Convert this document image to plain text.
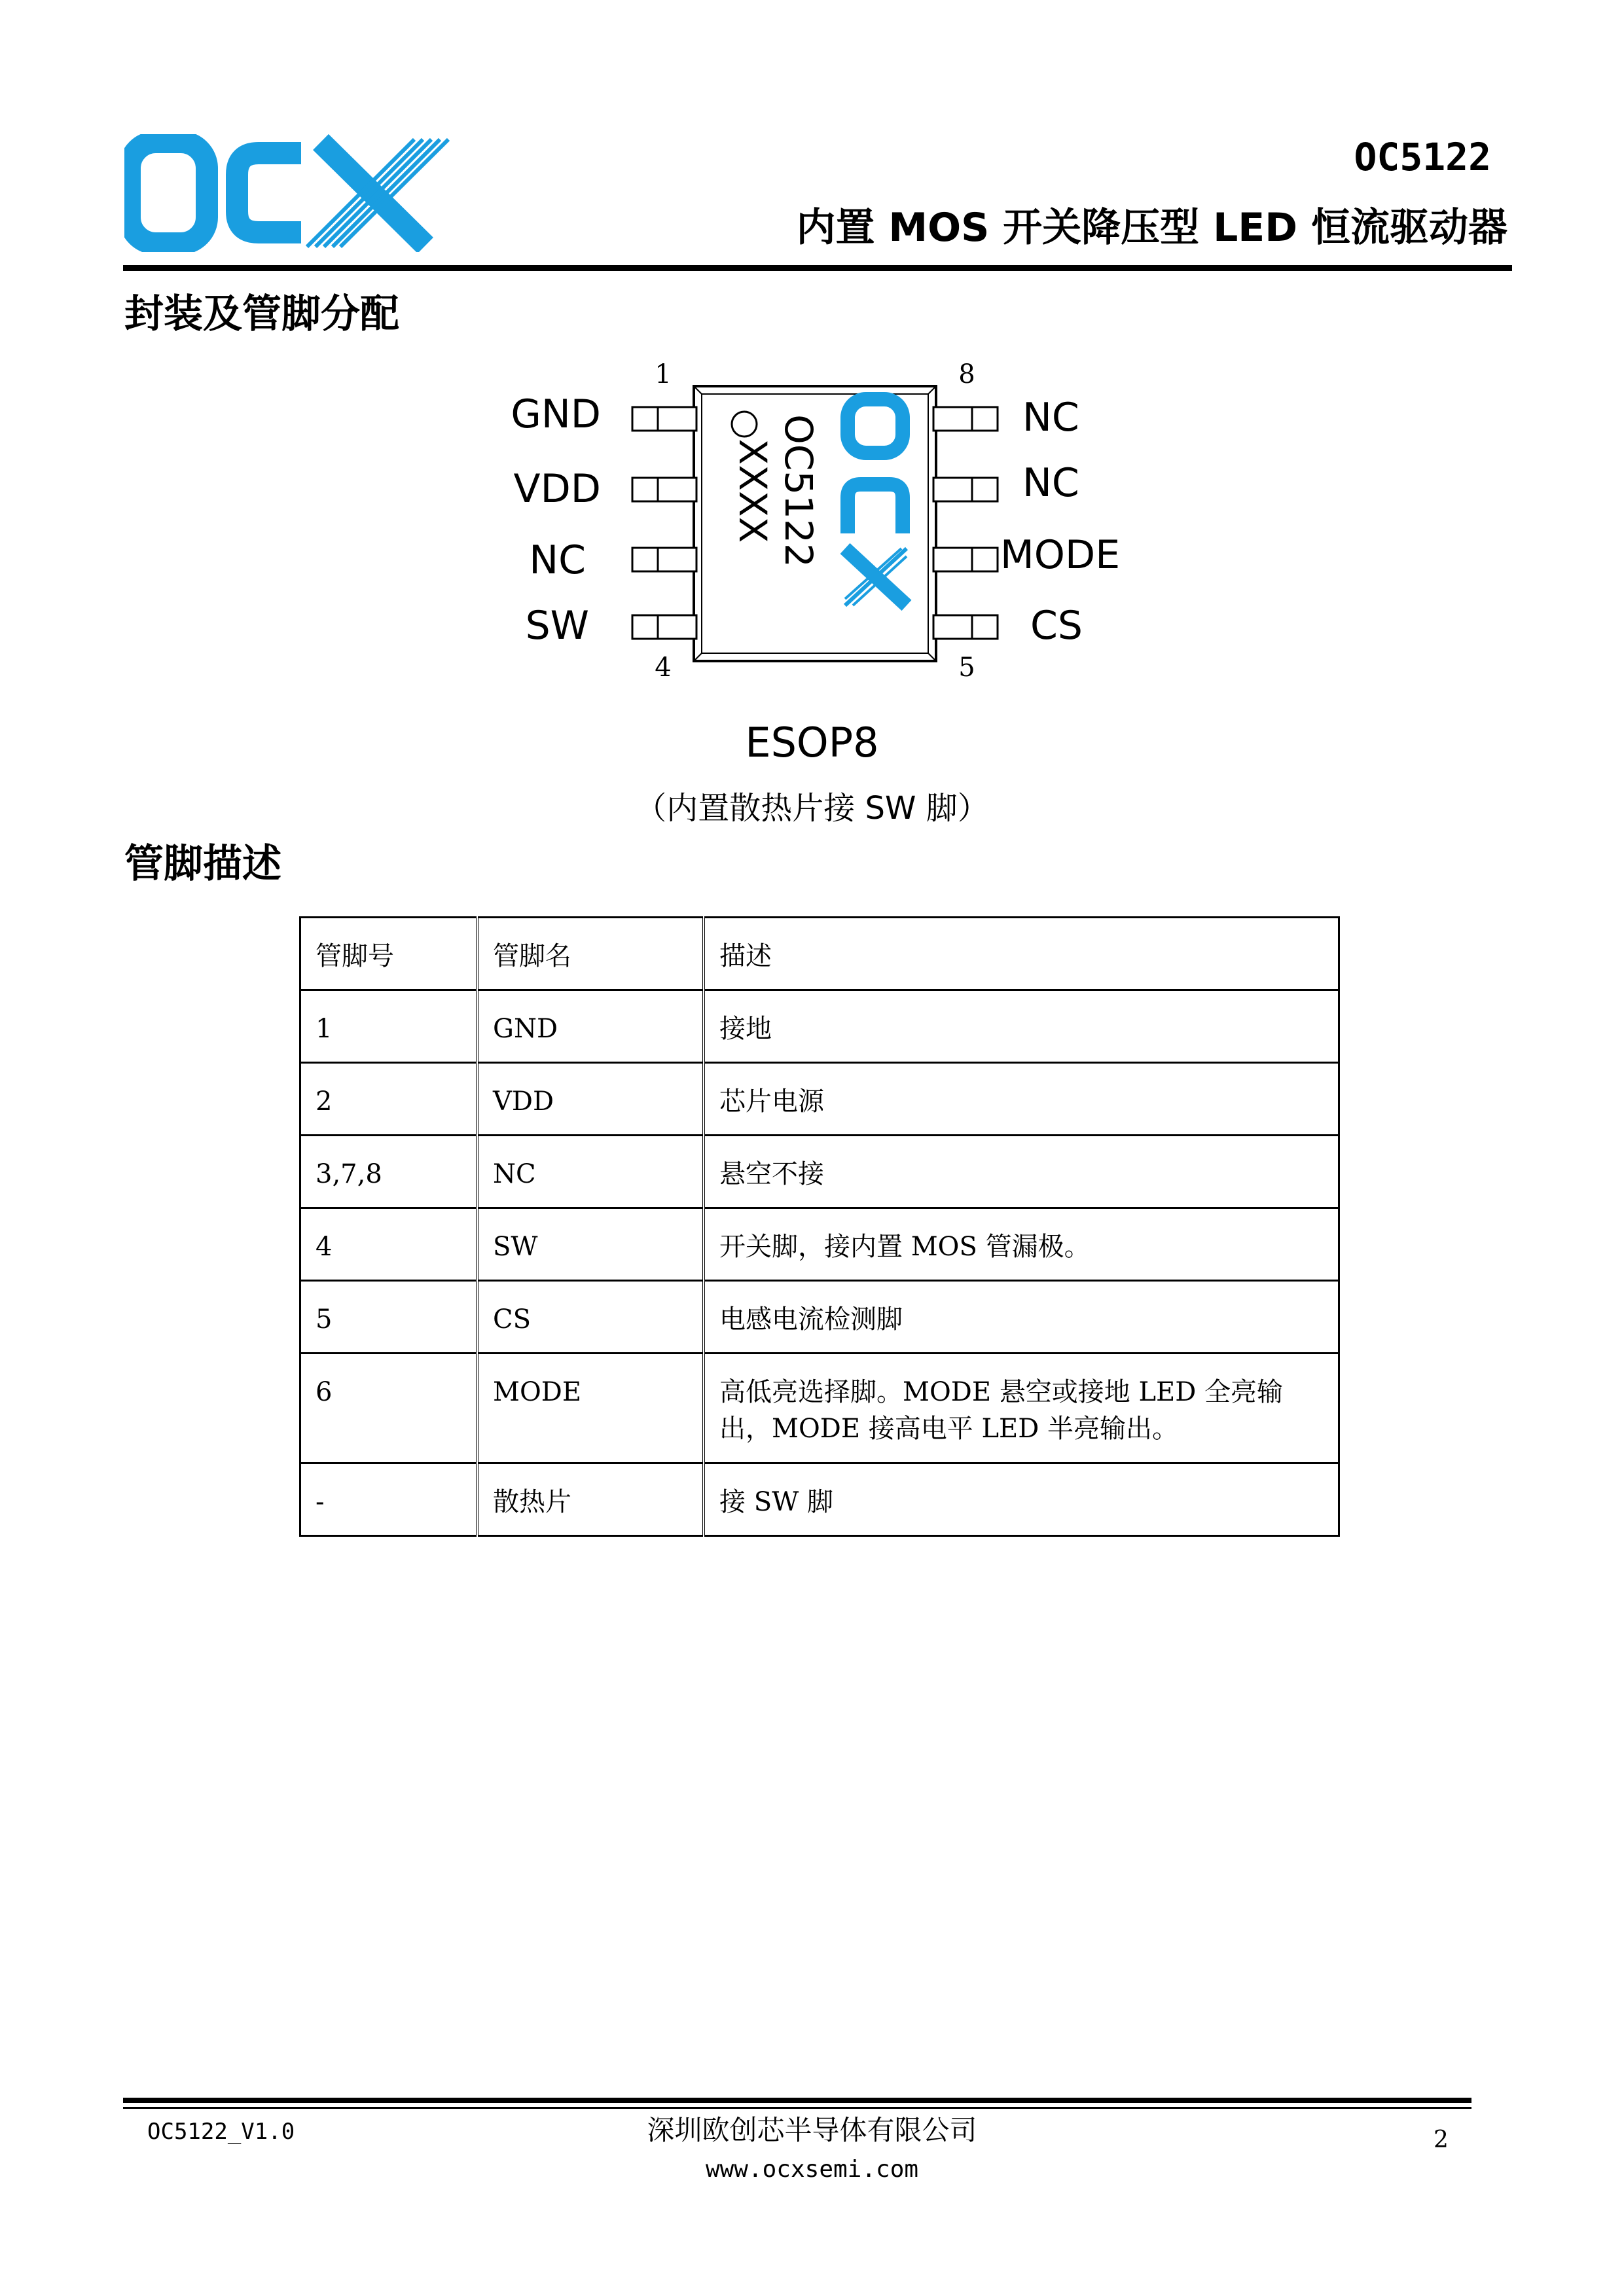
OC5122
内置 MOS 开关降压型 LED 恒流驱动器
封装及管脚分配
1
4
8
5
GND
VDD
NC
SW
NC
NC
MODE
CS
OC5122
XXXX
ESOP8
（内置散热片接 SW 脚）
管脚描述
管脚号	管脚名	描述
1	GND	接地
2	VDD	芯片电源
3,7,8	NC	悬空不接
4	SW	开关脚，接内置 MOS 管漏极。
5	CS	电感电流检测脚
6	MODE	高低亮选择脚。MODE 悬空或接地 LED 全亮输出，MODE 接高电平 LED 半亮输出。
-	散热片	接 SW 脚
OC5122_V1.0	深圳欧创芯半导体有限公司
www.ocxsemi.com
2
